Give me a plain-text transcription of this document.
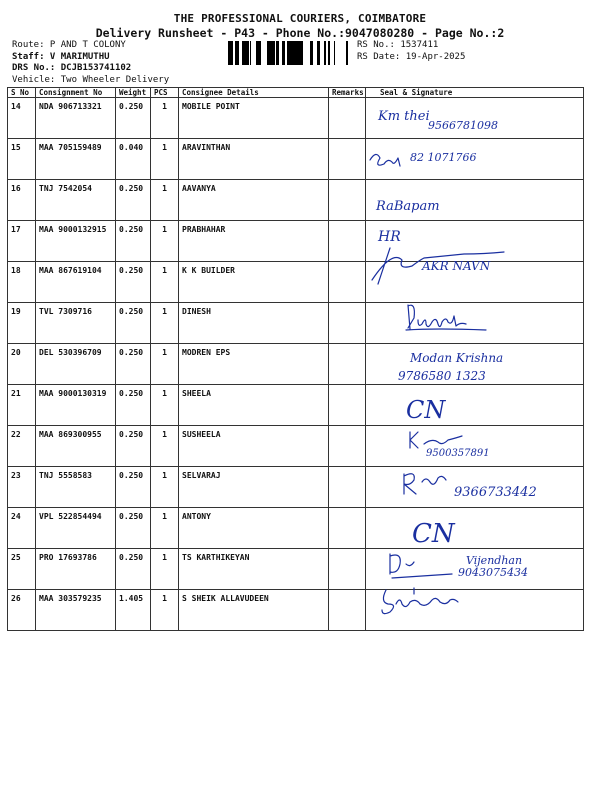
THE PROFESSIONAL COURIERS, COIMBATORE
Delivery Runsheet - P43 - Phone No.:9047080280 - Page No.:2
Route: P AND T COLONY
Staff: V MARIMUTHU
DRS No.: DCJB153741102
Vehicle: Two Wheeler Delivery
RS No.: 1537411
RS Date: 19-Apr-2025
S No	Consignment No	Weight	PCS	Consignee Details	Remarks	Seal & Signature
14	NDA 906713321	0.250	1	MOBILE POINT		
15	MAA 705159489	0.040	1	ARAVINTHAN		
16	TNJ 7542054	0.250	1	AAVANYA		
17	MAA 9000132915	0.250	1	PRABHAHAR		
18	MAA 867619104	0.250	1	K K BUILDER		
19	TVL 7309716	0.250	1	DINESH		
20	DEL 530396709	0.250	1	MODREN EPS		
21	MAA 9000130319	0.250	1	SHEELA		
22	MAA 869300955	0.250	1	SUSHEELA		
23	TNJ 5558583	0.250	1	SELVARAJ		
24	VPL 522854494	0.250	1	ANTONY		
25	PRO 17693786	0.250	1	TS KARTHIKEYAN		
26	MAA 303579235	1.405	1	S SHEIK ALLAVUDEEN		
Km thei
9566781098
82 1071766
RaBapam
HR
AKR NAVN
Modan Krishna
9786580 1323
CN
9500357891
9366733442
CN
Vijendhan
9043075434
